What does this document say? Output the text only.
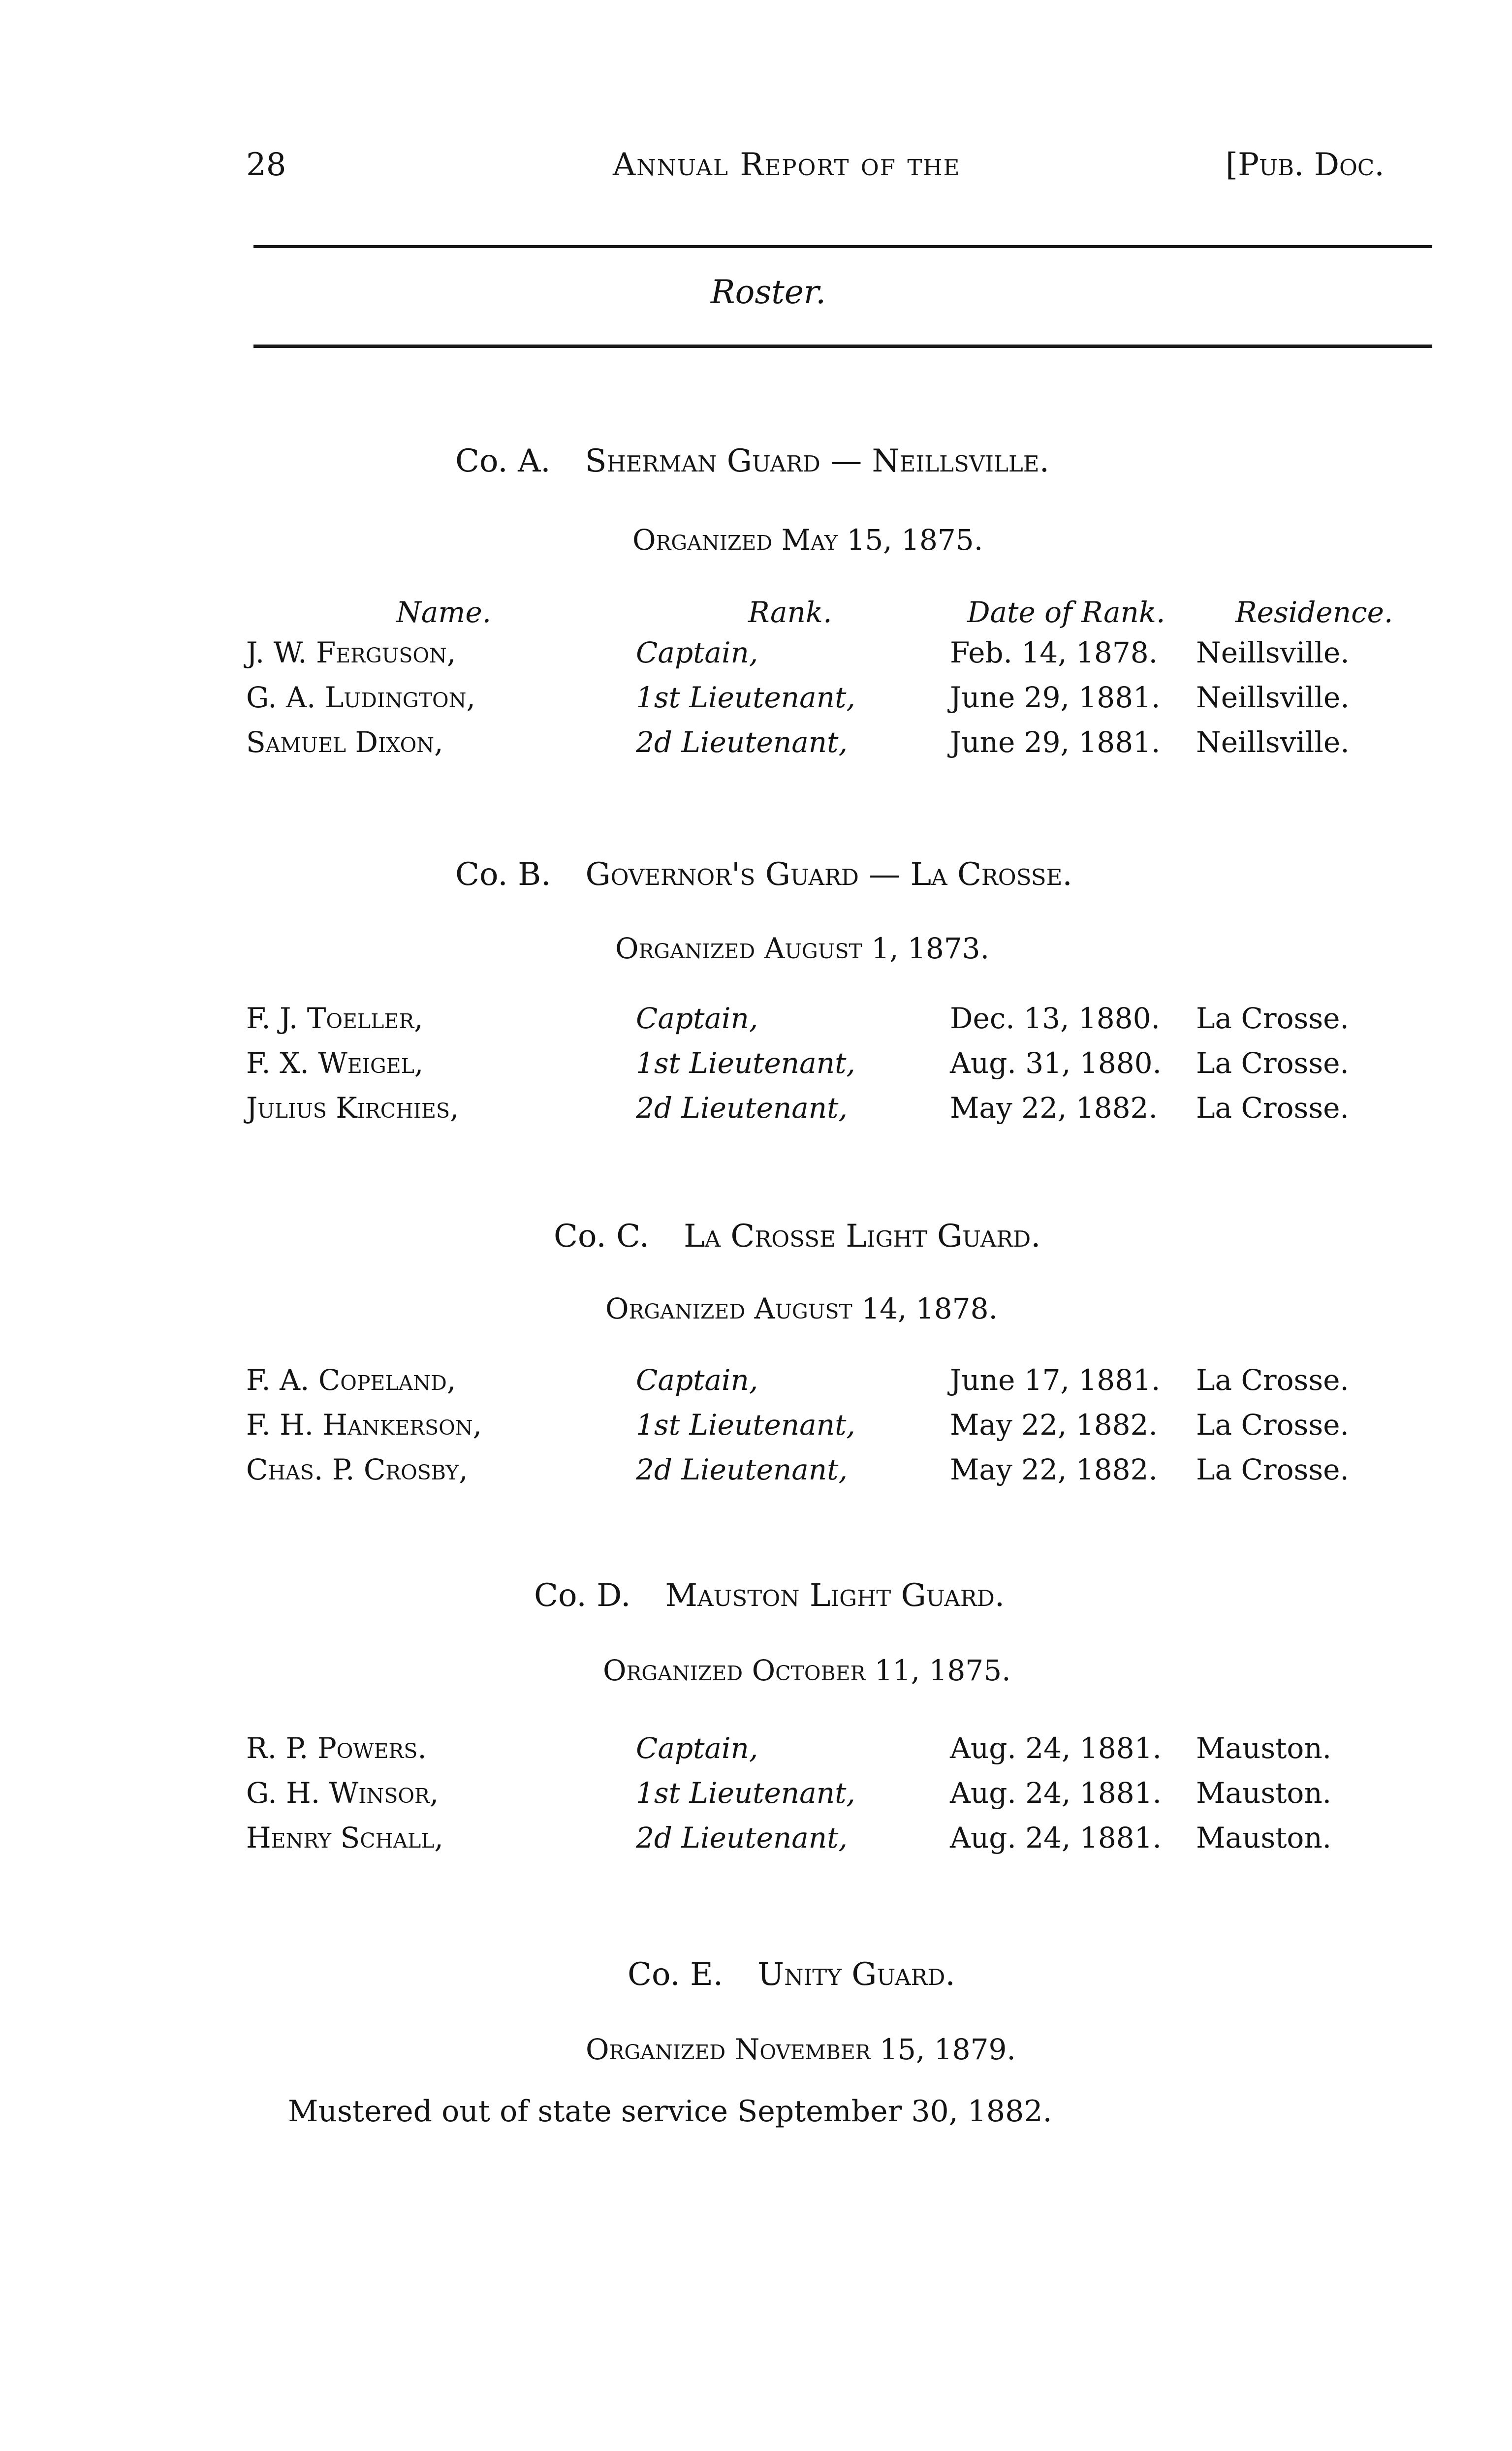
28	Annual Report of the	[Pub. Doc.
Roster.
Co. A. Sherman Guard — Neillsville.
Organized May 15, 1875.
Name.	Rank.	Date of Rank. Residence.
J. W. Ferguson,	Captain,	Feb. 14, 1878. Neillsville.
G. A. Ludington,	1st Lieutenant,	June 29, 1881. Neillsville.
Samuel Dixon,	2d Lieutenant,	June 29, 1881. Neillsville.
Co. B. Governor's Guard — La Crosse.
Organized August 1, 1873.
F. J. Toeller,	Captain,	Dec. 13, 1880. La Crosse.
F. X. Weigel,	1st Lieutenant,	Aug. 31, 1880. La Crosse.
Julius Kirchies,	2d Lieutenant,	May 22, 1882. La Crosse.
Co. C. La Crosse Light Guard.
Organized August 14, 1878.
F. A. Copeland,	Captain,	June 17, 1881. La Crosse.
F. H. Hankerson,	1st Lieutenant,	May 22, 1882. La Crosse.
Chas. P. Crosby,	2d Lieutenant,	May 22, 1882. La Crosse.
Co. D. Mauston Light Guard.
Organized October 11, 1875.
R. P. Powers.	Captain,	Aug. 24, 1881. Mauston.
G. H. Winsor,	1st Lieutenant,	Aug. 24, 1881. Mauston.
Henry Schall,	2d Lieutenant,	Aug. 24, 1881. Mauston.
Co. E. Unity Guard.
Organized November 15, 1879.
Mustered out of state service September 30, 1882.
